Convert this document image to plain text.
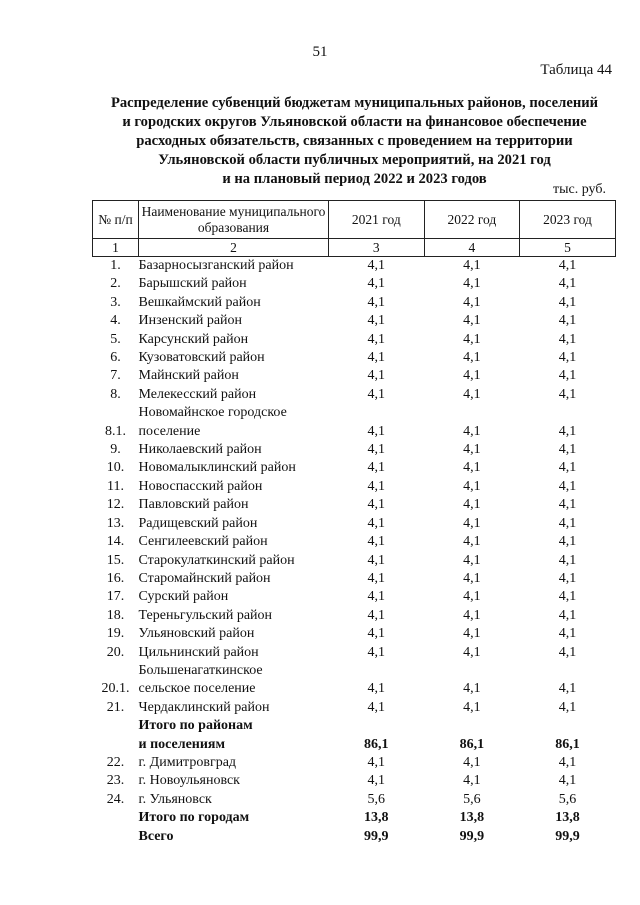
51
Таблица 44
Распределение субвенций бюджетам муниципальных районов, поселений
и городских округов Ульяновской области на финансовое обеспечение
расходных обязательств, связанных с проведением на территории
Ульяновской области публичных мероприятий, на 2021 год
и на плановый период 2022 и 2023 годов
тыс. руб.
№ п/п	Наименование муниципального образования	2021 год	2022 год	2023 год
1	2	3	4	5
1.	Базарносызганский район	4,1	4,1	4,1
2.	Барышский район	4,1	4,1	4,1
3.	Вешкаймский район	4,1	4,1	4,1
4.	Инзенский район	4,1	4,1	4,1
5.	Карсунский район	4,1	4,1	4,1
6.	Кузоватовский район	4,1	4,1	4,1
7.	Майнский район	4,1	4,1	4,1
8.	Мелекесский район	4,1	4,1	4,1
8.1.	Новомайнское городское
поселение	4,1	4,1	4,1
9.	Николаевский район	4,1	4,1	4,1
10.	Новомалыклинский район	4,1	4,1	4,1
11.	Новоспасский район	4,1	4,1	4,1
12.	Павловский район	4,1	4,1	4,1
13.	Радищевский район	4,1	4,1	4,1
14.	Сенгилеевский район	4,1	4,1	4,1
15.	Старокулаткинский район	4,1	4,1	4,1
16.	Старомайнский район	4,1	4,1	4,1
17.	Сурский район	4,1	4,1	4,1
18.	Тереньгульский район	4,1	4,1	4,1
19.	Ульяновский район	4,1	4,1	4,1
20.	Цильнинский район	4,1	4,1	4,1
20.1.	Большенагаткинское
сельское поселение	4,1	4,1	4,1
21.	Чердаклинский район	4,1	4,1	4,1
	Итого по районам
и поселениям	86,1	86,1	86,1
22.	г. Димитровград	4,1	4,1	4,1
23.	г. Новоульяновск	4,1	4,1	4,1
24.	г. Ульяновск	5,6	5,6	5,6
	Итого по городам	13,8	13,8	13,8
	Всего	99,9	99,9	99,9
